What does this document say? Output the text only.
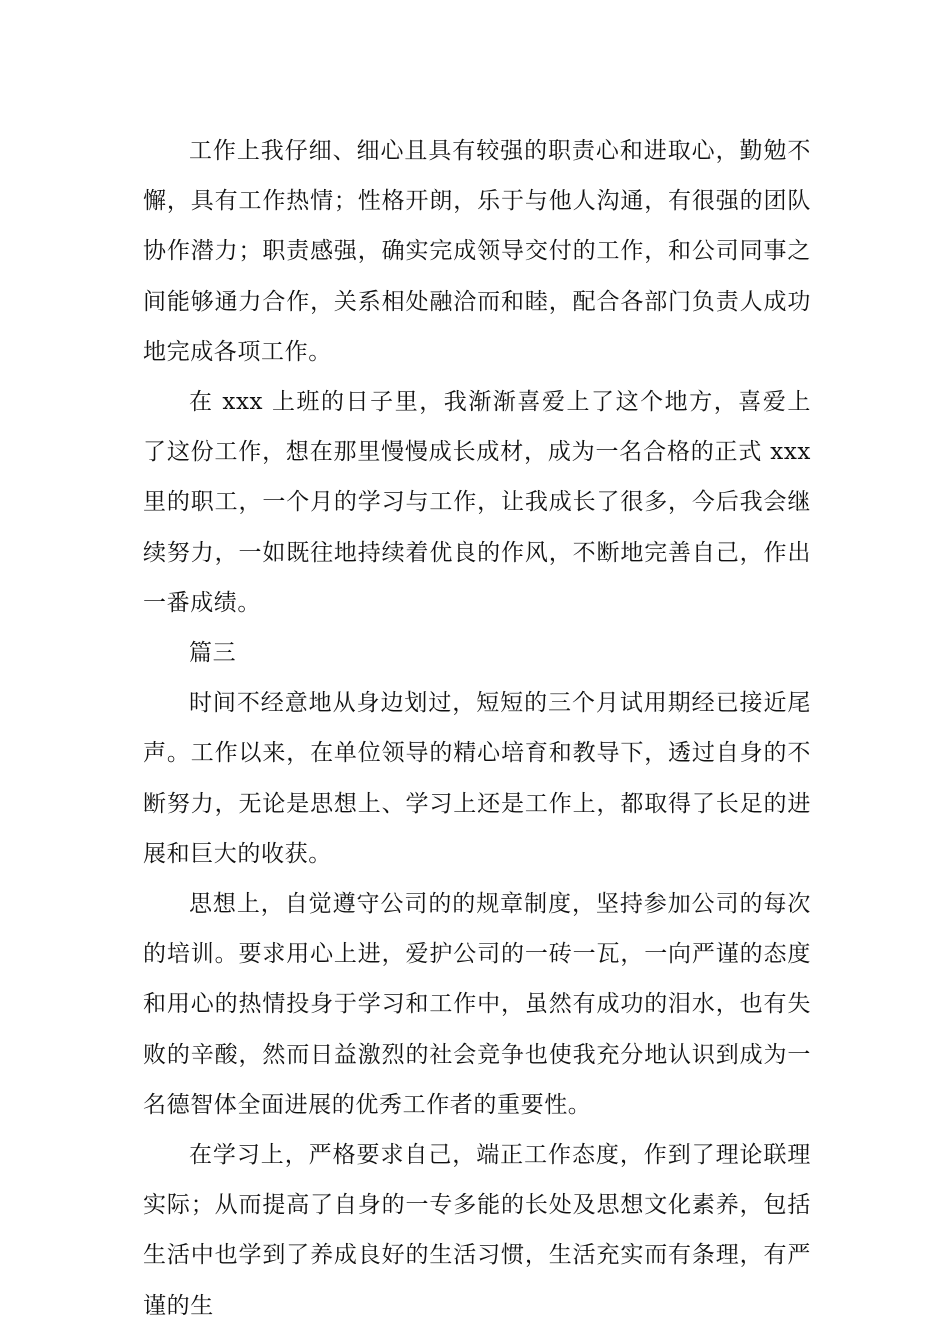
工作上我仔细、细心且具有较强的职责心和进取心，勤勉不懈，具有工作热情；性格开朗，乐于与他人沟通，有很强的团队协作潜力；职责感强，确实完成领导交付的工作，和公司同事之间能够通力合作，关系相处融洽而和睦，配合各部门负责人成功地完成各项工作。

在 xxx 上班的日子里，我渐渐喜爱上了这个地方，喜爱上了这份工作，想在那里慢慢成长成材，成为一名合格的正式 xxx 里的职工，一个月的学习与工作，让我成长了很多，今后我会继续努力，一如既往地持续着优良的作风，不断地完善自己，作出一番成绩。

篇三

时间不经意地从身边划过，短短的三个月试用期经已接近尾声。工作以来，在单位领导的精心培育和教导下，透过自身的不断努力，无论是思想上、学习上还是工作上，都取得了长足的进展和巨大的收获。

思想上，自觉遵守公司的的规章制度，坚持参加公司的每次的培训。要求用心上进，爱护公司的一砖一瓦，一向严谨的态度和用心的热情投身于学习和工作中，虽然有成功的泪水，也有失败的辛酸，然而日益激烈的社会竞争也使我充分地认识到成为一名德智体全面进展的优秀工作者的重要性。

在学习上，严格要求自己，端正工作态度，作到了理论联理实际；从而提高了自身的一专多能的长处及思想文化素养，包括生活中也学到了养成良好的生活习惯，生活充实而有条理，有严谨的生
